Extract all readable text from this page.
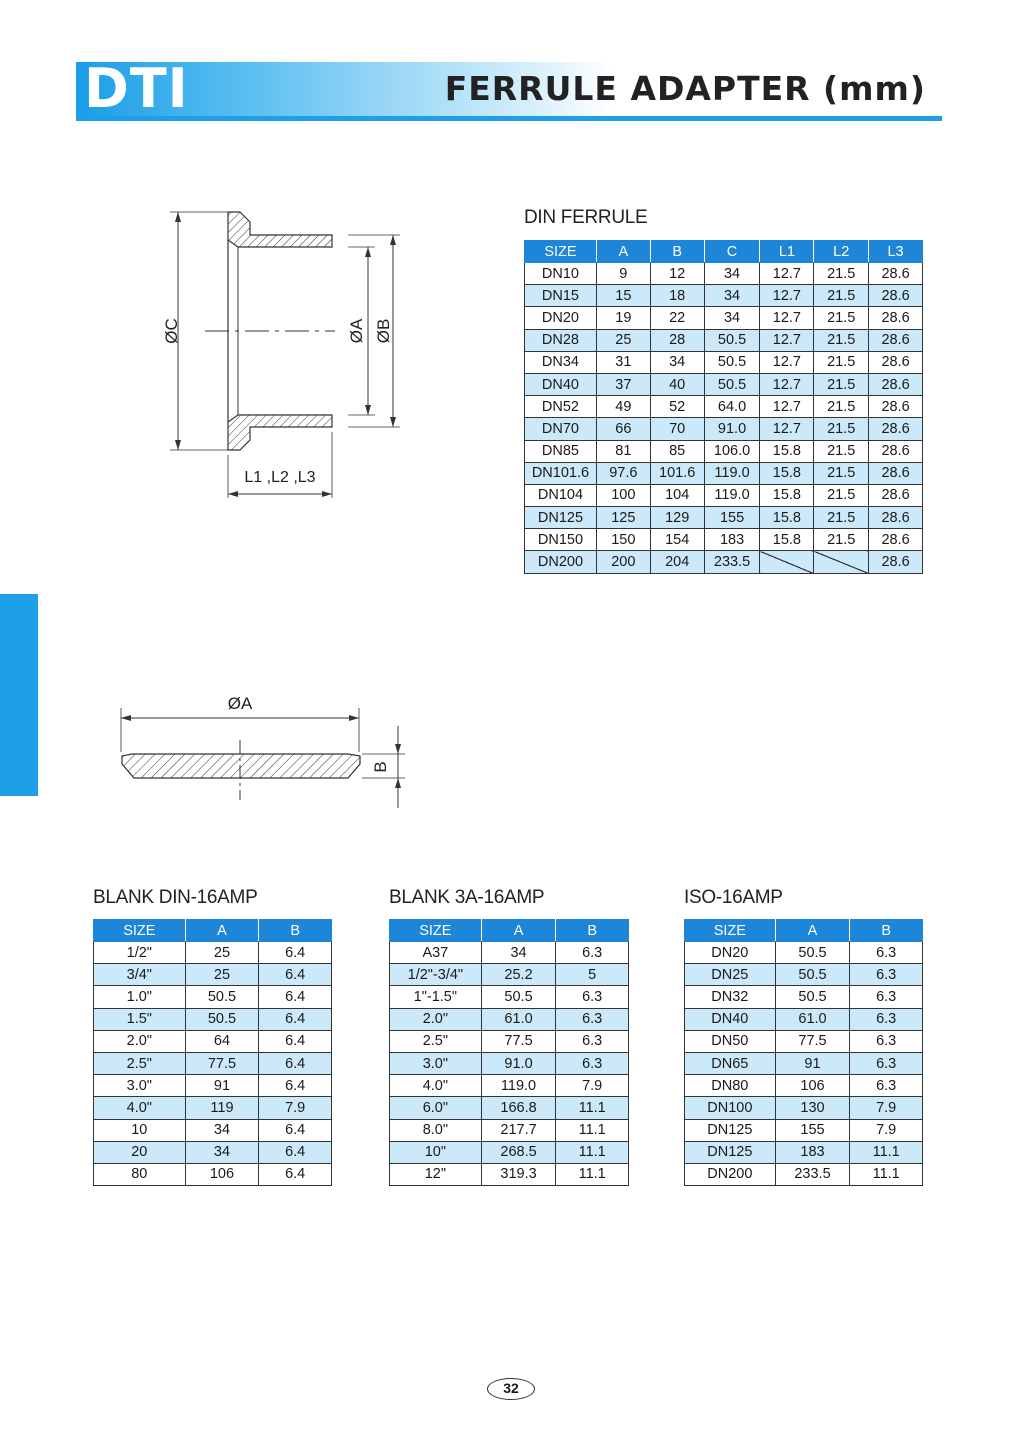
DTI	FERRULE ADAPTER (mm)
ØC	ØA ØB
L1 ,L2 ,L3
ØA
B
DIN FERRULE
SIZE	A	B	C	L1	L2	L3
DN10	9	12	34	12.7	21.5	28.6
DN15	15	18	34	12.7	21.5	28.6
DN20	19	22	34	12.7	21.5	28.6
DN28	25	28	50.5	12.7	21.5	28.6
DN34	31	34	50.5	12.7	21.5	28.6
DN40	37	40	50.5	12.7	21.5	28.6
DN52	49	52	64.0	12.7	21.5	28.6
DN70	66	70	91.0	12.7	21.5	28.6
DN85	81	85	106.0	15.8	21.5	28.6
DN101.6	97.6	101.6	119.0	15.8	21.5	28.6
DN104	100	104	119.0	15.8	21.5	28.6
DN125	125	129	155	15.8	21.5	28.6
DN150	150	154	183	15.8	21.5	28.6
DN200	200	204	233.5			28.6
BLANK DIN-16AMP
SIZE	A	B
1/2"	25	6.4
3/4"	25	6.4
1.0"	50.5	6.4
1.5"	50.5	6.4
2.0"	64	6.4
2.5"	77.5	6.4
3.0"	91	6.4
4.0"	119	7.9
10	34	6.4
20	34	6.4
80	106	6.4
BLANK 3A-16AMP
SIZE	A	B
A37	34	6.3
1/2"-3/4"	25.2	5
1"-1.5"	50.5	6.3
2.0"	61.0	6.3
2.5"	77.5	6.3
3.0"	91.0	6.3
4.0"	119.0	7.9
6.0"	166.8	11.1
8.0"	217.7	11.1
10"	268.5	11.1
12"	319.3	11.1
ISO-16AMP
SIZE	A	B
DN20	50.5	6.3
DN25	50.5	6.3
DN32	50.5	6.3
DN40	61.0	6.3
DN50	77.5	6.3
DN65	91	6.3
DN80	106	6.3
DN100	130	7.9
DN125	155	7.9
DN125	183	11.1
DN200	233.5	11.1
32
